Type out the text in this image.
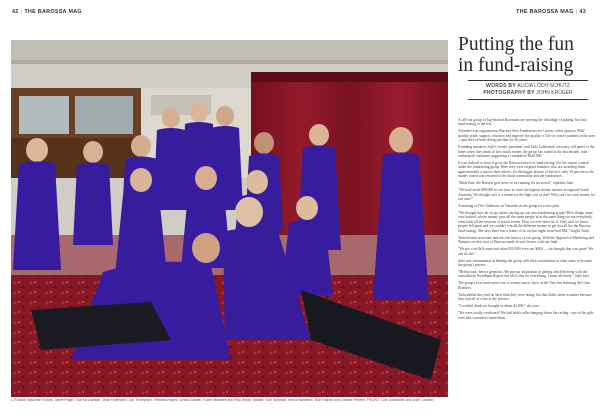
42 | THE BAROSSA MAG	THE BAROSSA MAG | 43
L-R back: Maureen Evans, Janet Pagel, Sue McLachlan, Jean Hoffmann, Lyn Thompson, Pamela Hayes, Linda Dukelin, Karen Bonwell and Rita Wilde. Middle: Sue Schmidt, Verna Nankivell, Bob Haines and Dianne Pfeiffer. FRONT: Lois Goldsmith and Julie Corvale.
Putting the fun
in fund-raising
WORDS BY ALICIA LÖCH-SCHUTZ
PHOTOGRAPHY BY JOHN KRÜGER

A sell-out group of big-hearted Barossans are proving the old adage of putting 'fun' into fund-raising to the test.

Volunteer-run organisation, Barossa Area Fundraisers for Cancer, relies upon its 'Pink' sparkly pride, support, resource and improve the quality of life for cancer patients in the area—and they've been doing just that for 30 years.

Founding members Julie Corvale, president, and Tarla Goldsmith, secretary, tell panel of the times when they think of how much money the group has raised in the last decade, with enthusiastic estimates suggesting a cumulative $840,000.

It was realised to have it go as the Barossa branch of fund-raising. For the cancer council under the fundraising group. Here they were original founders who are awarding them approximately a ton for their efforts, for the bigger picture of the fact, only 10 percent of the money raised was returned to the local community and the fundraisers.

"Back then, the Barossa gets never to be running for no award," explains Julie.

"We had raised $88,000 in our year, so were the highest money earners in regional South Australia. We thought isn't it a shame for the high cost of that? Why can't we raise money for our own?"

A meeting at The Clubhouse in Tanunda set the group on a new path.

"We thought how do we go about starting up our own fundraising group? How things came ever backed, whose money pays all the same people at at the same thing we use everybody, went back all the sessions of actual events. How we ever been for it. They said we know people fell apart and we couldn't win all the different money to get that all the the Barossa fund-raising. She says there was a teams of us on that night, none had $$$," laughs Tarla.

Tarla became associate and sets the history of our group. With the Apparel of Marketing and Tamaria on their tour of Barossa made in vote bosses with our fund.

"We got a raffle license and raised $2,000 (even our $404 — we thought that was great! We can do this".

Julie was instrumental in helping the group with their constitution in what came to become the group's pattern.

"Herbal topic been a generous. We put our inspiration in getting and delivering with the consultation Wyndham Rogers did all of that for everything. I must all lovely," Julie says.

The group's first fund-raiser was a country music show at the Vine Inn featuring the Cana Brothers.

Tarla admits they had no idea what they were doing, but that didn't seem to matter because they had all of a fun in the process.

"I couldn't think we brought in about $4,000," she says.

"We were totally overboard! We had bottle roller hanging down the ceiling - one of the girls even like coworkers made them.
